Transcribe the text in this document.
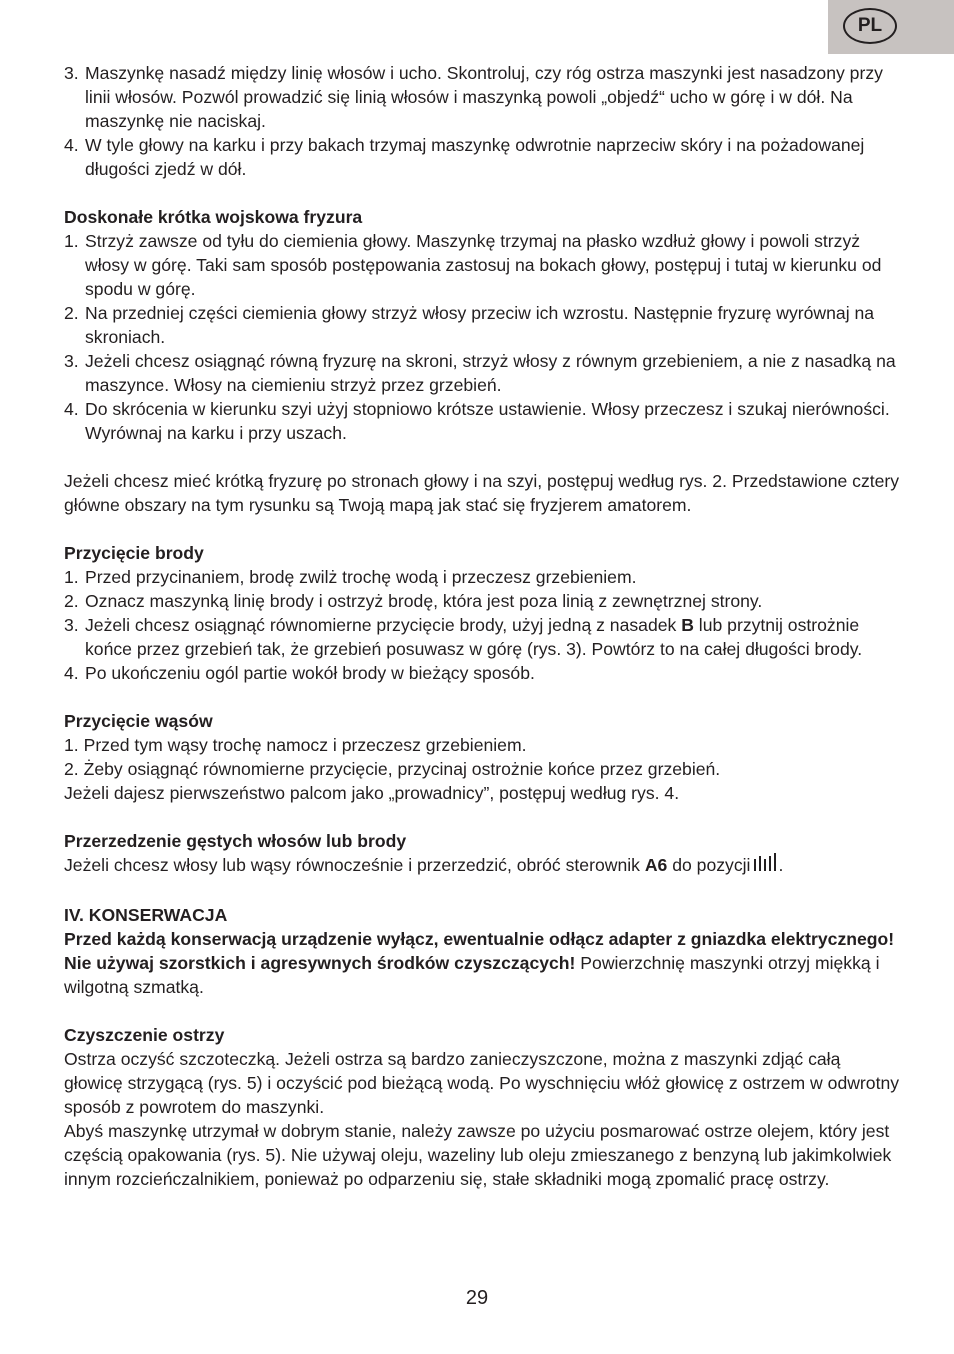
PL
3. Maszynkę nasadź między linię włosów i ucho. Skontroluj, czy róg ostrza maszynki jest nasadzony przy linii włosów. Pozwól prowadzić się linią włosów i maszynką powoli „objedź“ ucho w górę i w dół. Na maszynkę nie naciskaj.
4. W tyle głowy na karku i przy bakach trzymaj maszynkę odwrotnie naprzeciw skóry i na pożadowanej długości zjedź w dół.
Doskonałe krótka wojskowa fryzura
1. Strzyż zawsze od tyłu do ciemienia głowy. Maszynkę trzymaj na płasko wzdłuż głowy i powoli strzyż włosy w górę. Taki sam sposób postępowania zastosuj na bokach głowy, postępuj i tutaj w kierunku od spodu w górę.
2. Na przedniej części ciemienia głowy strzyż włosy przeciw ich wzrostu. Następnie fryzurę wyrównaj na skroniach.
3. Jeżeli chcesz osiągnąć równą fryzurę na skroni, strzyż włosy z równym grzebieniem, a nie z nasadką na maszynce. Włosy na ciemieniu strzyż przez grzebień.
4. Do skrócenia w kierunku szyi użyj stopniowo krótsze ustawienie. Włosy przeczesz i szukaj nierówności. Wyrównaj na karku i przy uszach.
Jeżeli chcesz mieć krótką fryzurę po stronach głowy i na szyi, postępuj według rys. 2. Przedstawione cztery główne obszary na tym rysunku są Twoją mapą jak stać się fryzjerem amatorem.
Przycięcie brody
1. Przed przycinaniem, brodę zwilż trochę wodą i przeczesz grzebieniem.
2. Oznacz maszynką linię brody i ostrzyż brodę, która jest poza linią z zewnętrznej strony.
3. Jeżeli chcesz osiągnąć równomierne przycięcie brody, użyj jedną z nasadek B lub przytnij ostrożnie końce przez grzebień tak, że grzebień posuwasz w górę (rys. 3). Powtórz to na całej długości brody.
4. Po ukończeniu ogól partie wokół brody w bieżący sposób.
Przycięcie wąsów
1. Przed tym wąsy trochę namocz i przeczesz grzebieniem.
2. Żeby osiągnąć równomierne przycięcie, przycinaj ostrożnie końce przez grzebień.
Jeżeli dajesz pierwszeństwo palcom jako „prowadnicy”, postępuj według rys. 4.
Przerzedzenie gęstych włosów lub brody
Jeżeli chcesz włosy lub wąsy równocześnie i przerzedzić, obróć sterownik A6 do pozycji .
IV. KONSERWACJA
Przed każdą konserwacją urządzenie wyłącz, ewentualnie odłącz adapter z gniazdka elektrycznego! Nie używaj szorstkich i agresywnych środków czyszczących! Powierzchnię maszynki otrzyj miękką i wilgotną szmatką.
Czyszczenie ostrzy
Ostrza oczyść szczoteczką. Jeżeli ostrza są bardzo zanieczyszczone, można z maszynki zdjąć całą głowicę strzygącą (rys. 5) i oczyścić pod bieżącą wodą. Po wyschnięciu włóż głowicę z ostrzem w odwrotny sposób z powrotem do maszynki.
Abyś maszynkę utrzymał w dobrym stanie, należy zawsze po użyciu posmarować ostrze olejem, który jest częścią opakowania (rys. 5). Nie używaj oleju, wazeliny lub oleju zmieszanego z benzyną lub jakimkolwiek innym rozcieńczalnikiem, ponieważ po odparzeniu się, stałe składniki mogą zpomalić pracę ostrzy.
29
